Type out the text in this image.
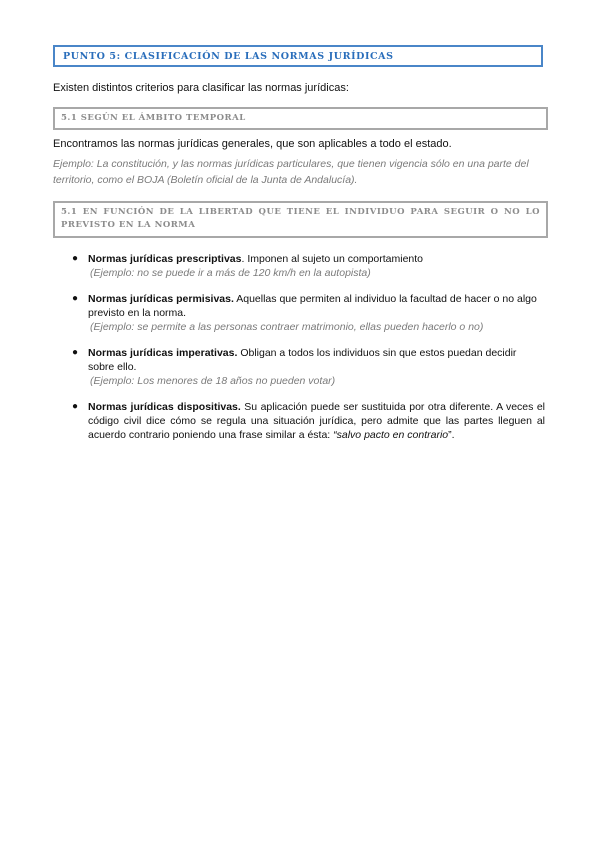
PUNTO 5: CLASIFICACIÓN DE LAS NORMAS JURÍDICAS
Existen distintos criterios para clasificar las normas jurídicas:
5.1 SEGÚN EL ÁMBITO TEMPORAL
Encontramos las normas jurídicas generales, que son aplicables a todo el estado.
Ejemplo: La constitución, y las normas jurídicas particulares, que tienen vigencia sólo en una parte del territorio, como el BOJA (Boletín oficial de la Junta de Andalucía).
5.1 EN FUNCIÓN DE LA LIBERTAD QUE TIENE EL INDIVIDUO PARA SEGUIR O NO LO PREVISTO EN LA NORMA
● Normas jurídicas prescriptivas. Imponen al sujeto un comportamiento
(Ejemplo: no se puede ir a más de 120 km/h en la autopista)
● Normas jurídicas permisivas. Aquellas que permiten al individuo la facultad de hacer o no algo previsto en la norma.
(Ejemplo: se permite a las personas contraer matrimonio, ellas pueden hacerlo o no)
● Normas jurídicas imperativas. Obligan a todos los individuos sin que estos puedan decidir sobre ello.
(Ejemplo: Los menores de 18 años no pueden votar)
● Normas jurídicas dispositivas. Su aplicación puede ser sustituida por otra diferente. A veces el código civil dice cómo se regula una situación jurídica, pero admite que las partes lleguen al acuerdo contrario poniendo una frase similar a ésta: “salvo pacto en contrario”.
